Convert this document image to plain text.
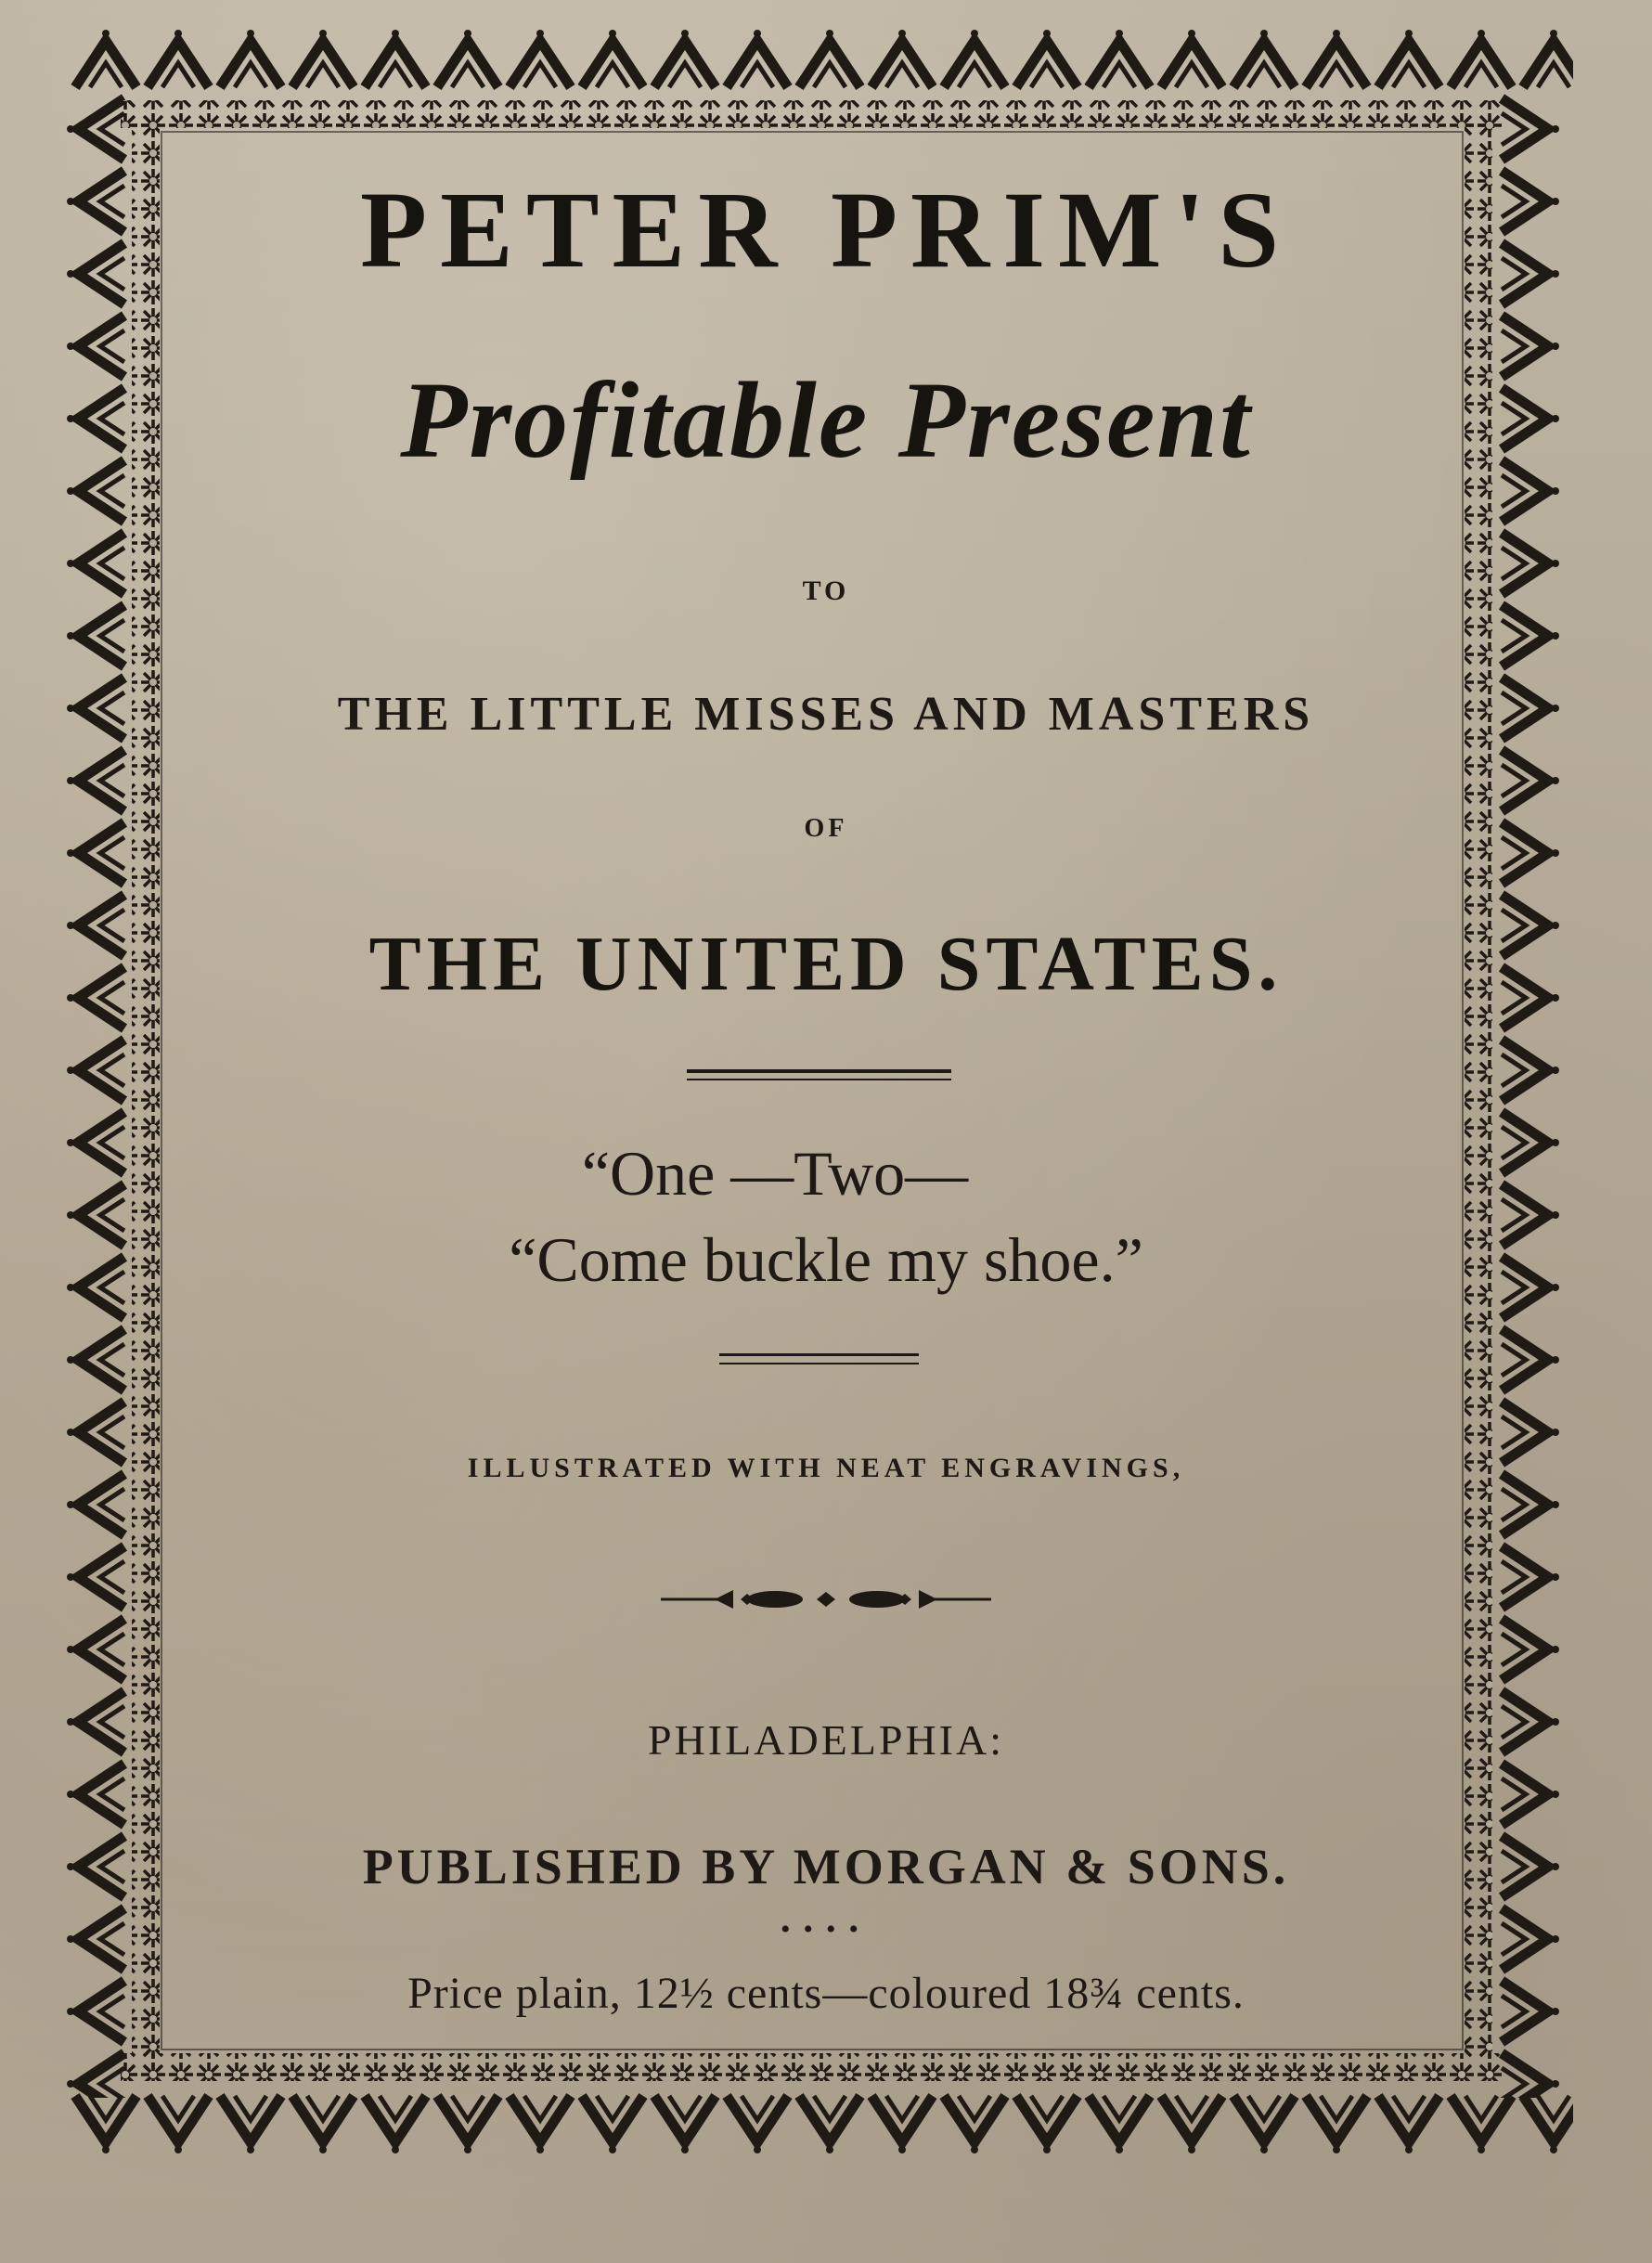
PETER PRIM'S
Profitable Present
TO
THE LITTLE MISSES AND MASTERS
OF
THE UNITED STATES.
“One —Two—
“Come buckle my shoe.”
ILLUSTRATED WITH NEAT ENGRAVINGS,
PHILADELPHIA:
PUBLISHED BY MORGAN & SONS.
••••
Price plain, 12½ cents—coloured 18¾ cents.
